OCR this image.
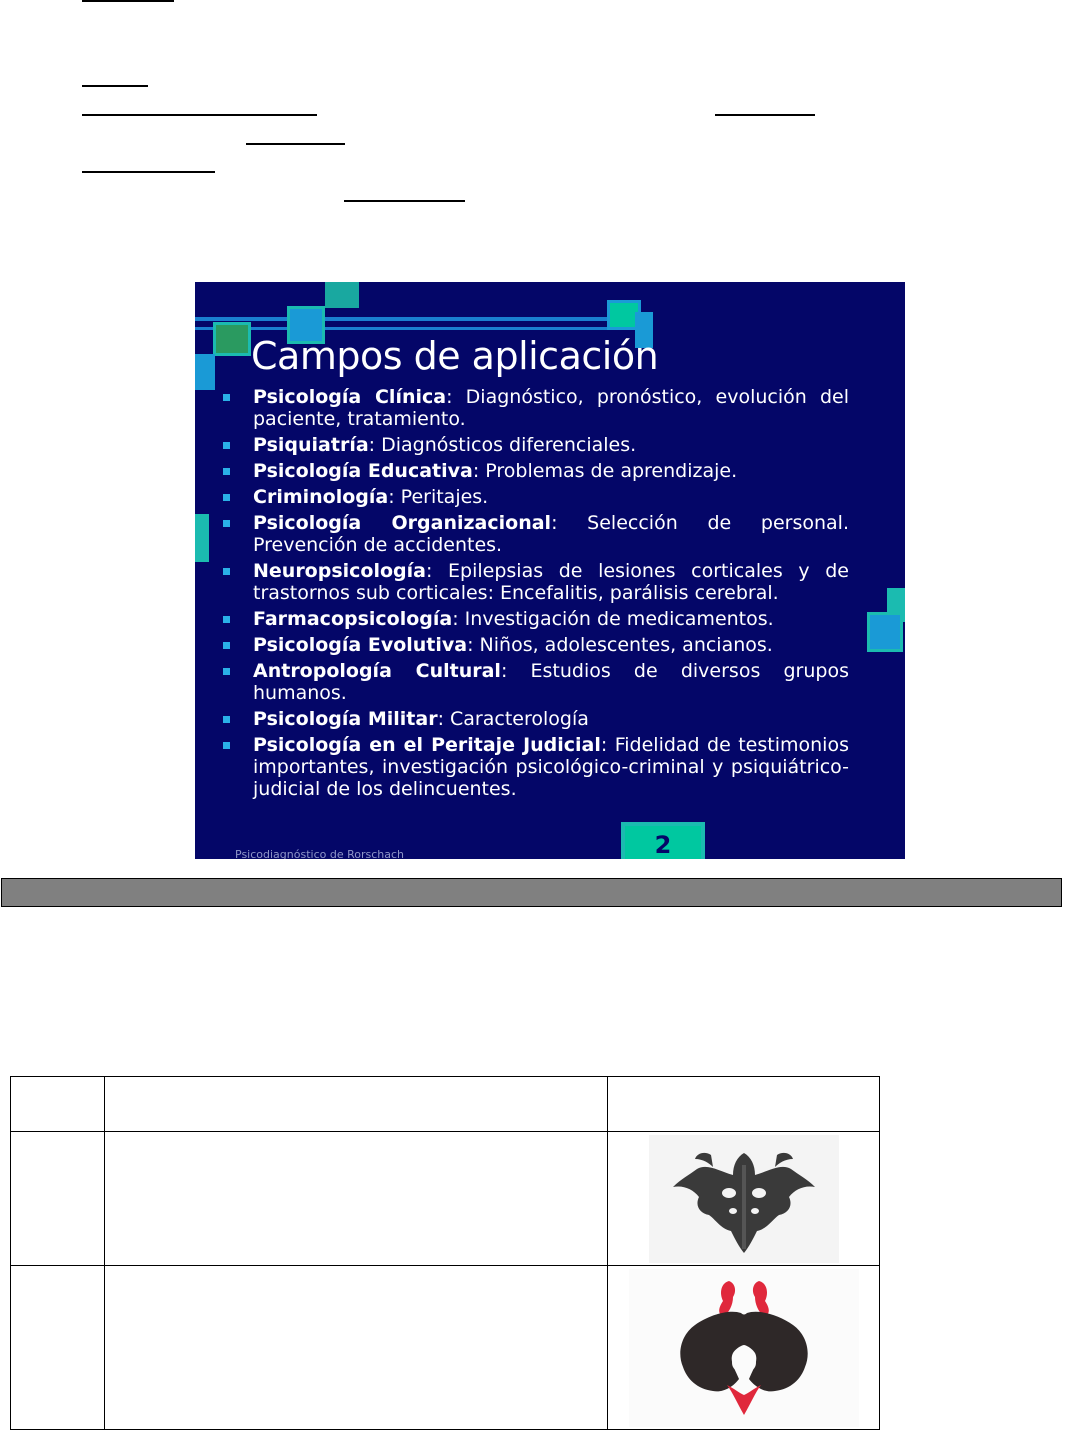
Campos de aplicación
Psicología Clínica: Diagnóstico, pronóstico, evolución del paciente, tratamiento.
Psiquiatría: Diagnósticos diferenciales.
Psicología Educativa: Problemas de aprendizaje.
Criminología: Peritajes.
Psicología Organizacional: Selección de personal. Prevención de accidentes.
Neuropsicología: Epilepsias de lesiones corticales y de trastornos sub corticales: Encefalitis, parálisis cerebral.
Farmacopsicología: Investigación de medicamentos.
Psicología Evolutiva: Niños, adolescentes, ancianos.
Antropología Cultural: Estudios de diversos grupos humanos.
Psicología Militar: Caracterología
Psicología en el Peritaje Judicial: Fidelidad de testimonios importantes, investigación psicológico-criminal y psiquiátrico-judicial de los delincuentes.
2
Psicodiagnóstico de Rorschach
